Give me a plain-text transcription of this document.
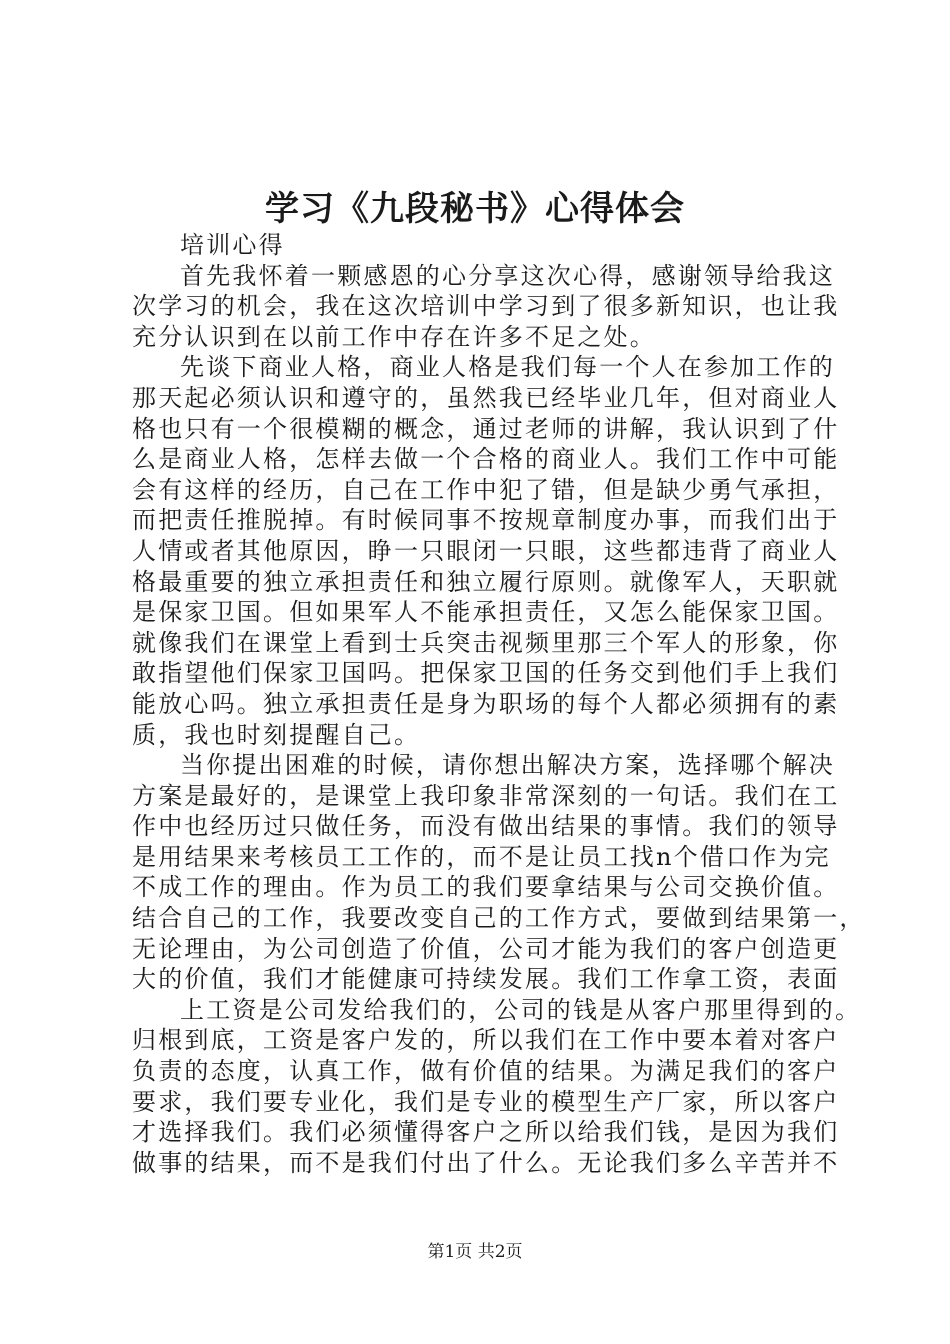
学习《九段秘书》心得体会
培训心得
首先我怀着一颗感恩的心分享这次心得，感谢领导给我这
次学习的机会，我在这次培训中学习到了很多新知识，也让我
充分认识到在以前工作中存在许多不足之处。
先谈下商业人格，商业人格是我们每一个人在参加工作的
那天起必须认识和遵守的，虽然我已经毕业几年，但对商业人
格也只有一个很模糊的概念，通过老师的讲解，我认识到了什
么是商业人格，怎样去做一个合格的商业人。我们工作中可能
会有这样的经历，自己在工作中犯了错，但是缺少勇气承担，
而把责任推脱掉。有时候同事不按规章制度办事，而我们出于
人情或者其他原因，睁一只眼闭一只眼，这些都违背了商业人
格最重要的独立承担责任和独立履行原则。就像军人，天职就
是保家卫国。但如果军人不能承担责任，又怎么能保家卫国。
就像我们在课堂上看到士兵突击视频里那三个军人的形象，你
敢指望他们保家卫国吗。把保家卫国的任务交到他们手上我们
能放心吗。独立承担责任是身为职场的每个人都必须拥有的素
质，我也时刻提醒自己。
当你提出困难的时候，请你想出解决方案，选择哪个解决
方案是最好的，是课堂上我印象非常深刻的一句话。我们在工
作中也经历过只做任务，而没有做出结果的事情。我们的领导
是用结果来考核员工工作的，而不是让员工找n个借口作为完
不成工作的理由。作为员工的我们要拿结果与公司交换价值。
结合自己的工作，我要改变自己的工作方式，要做到结果第一，
无论理由，为公司创造了价值，公司才能为我们的客户创造更
大的价值，我们才能健康可持续发展。我们工作拿工资，表面
上工资是公司发给我们的，公司的钱是从客户那里得到的。
归根到底，工资是客户发的，所以我们在工作中要本着对客户
负责的态度，认真工作，做有价值的结果。为满足我们的客户
要求，我们要专业化，我们是专业的模型生产厂家，所以客户
才选择我们。我们必须懂得客户之所以给我们钱，是因为我们
做事的结果，而不是我们付出了什么。无论我们多么辛苦并不
第1页 共2页
